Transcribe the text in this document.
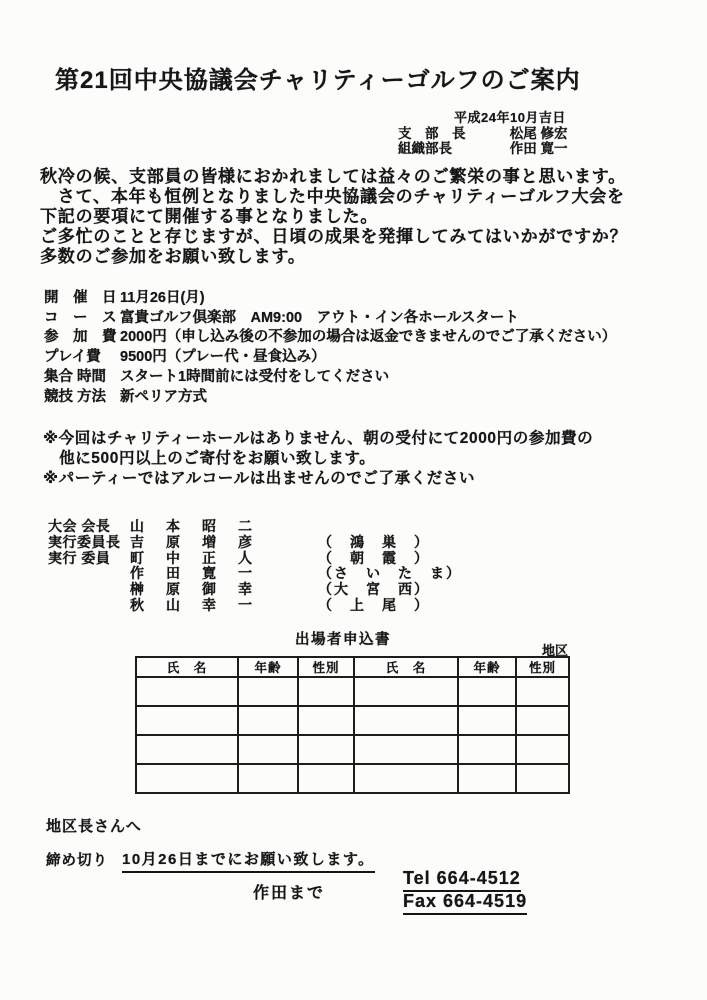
第21回中央協議会チャリティーゴルフのご案内
平成24年10月吉日
支　部　長	松尾 修宏
組織部長	作田 寛一
秋冷の候、支部員の皆様におかれましては益々のご繁栄の事と思います。
　さて、本年も恒例となりました中央協議会のチャリティーゴルフ大会を
下記の要項にて開催する事となりました。
ご多忙のことと存じますが、日頃の成果を発揮してみてはいかがですか？
多数のご参加をお願い致します。
開　催　日 11月26日(月)
コ　ー　ス 富貴ゴルフ倶楽部　AM9:00　アウト・イン各ホールスタート
参　加　費 2000円（申し込み後の不参加の場合は返金できませんのでご了承ください）
プレイ費	9500円（プレー代・昼食込み）
集合 時間 スタート1時間前には受付をしてください
競技 方法 新ペリア方式
※今回はチャリティーホールはありません、朝の受付にて2000円の参加費の
　他に500円以上のご寄付をお願い致します。
※パーティーではアルコールは出ませんのでご了承ください
大会 会長	山本昭二
実行委員長 吉原増彦	（　鴻　巣　）
実行 委員	町中正人	（　朝　霞　）
作田寛一	（さ　い　た　ま）
榊原御幸	（大　宮　西）
秋山幸一	（　上　尾　）
出場者申込書
地区
氏　名	年齢	性別	氏　名	年齢	性別

地区長さんへ
締め切り 10月26日までにお願い致します。
作田まで
Tel 664-4512
Fax 664-4519
